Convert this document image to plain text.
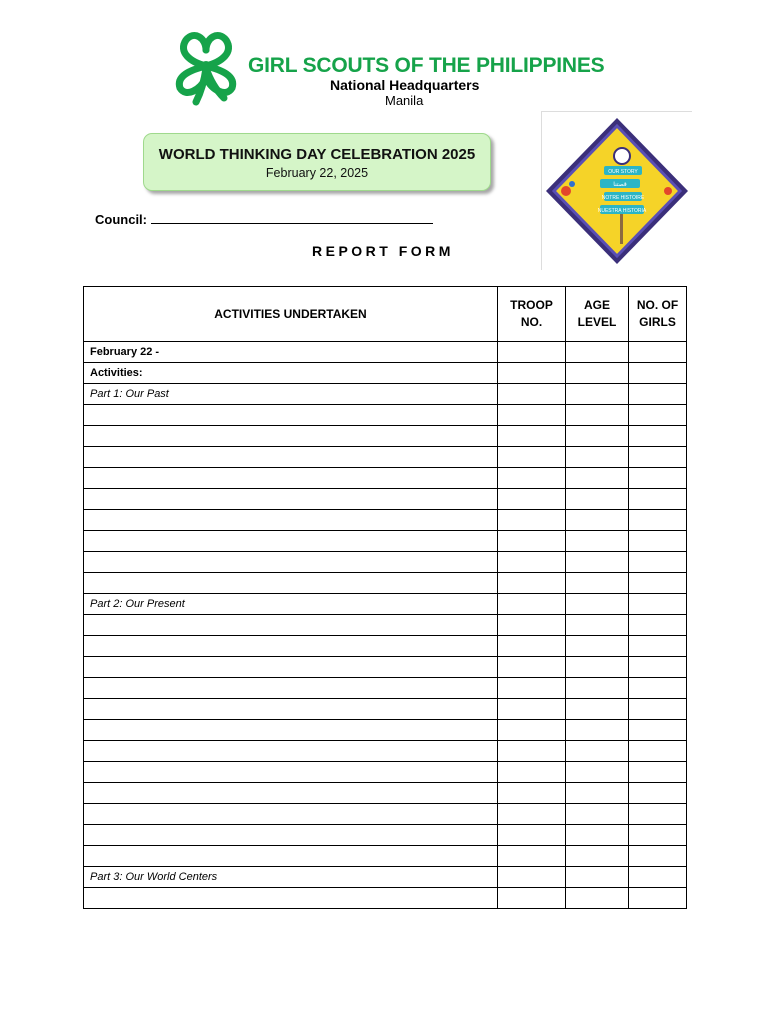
GIRL SCOUTS OF THE PHILIPPINES
National Headquarters
Manila
WORLD THINKING DAY CELEBRATION 2025
February 22, 2025	OUR STORY
قصتنا
NOTRE HISTOIRE
NUESTRA HISTORIA
Council:
REPORT FORM
ACTIVITIES UNDERTAKEN	TROOP NO.	AGE LEVEL	NO. OF GIRLS
February 22 -			
Activities:			
Part 1: Our Past			

Part 2: Our Present			

Part 3: Our World Centers			
